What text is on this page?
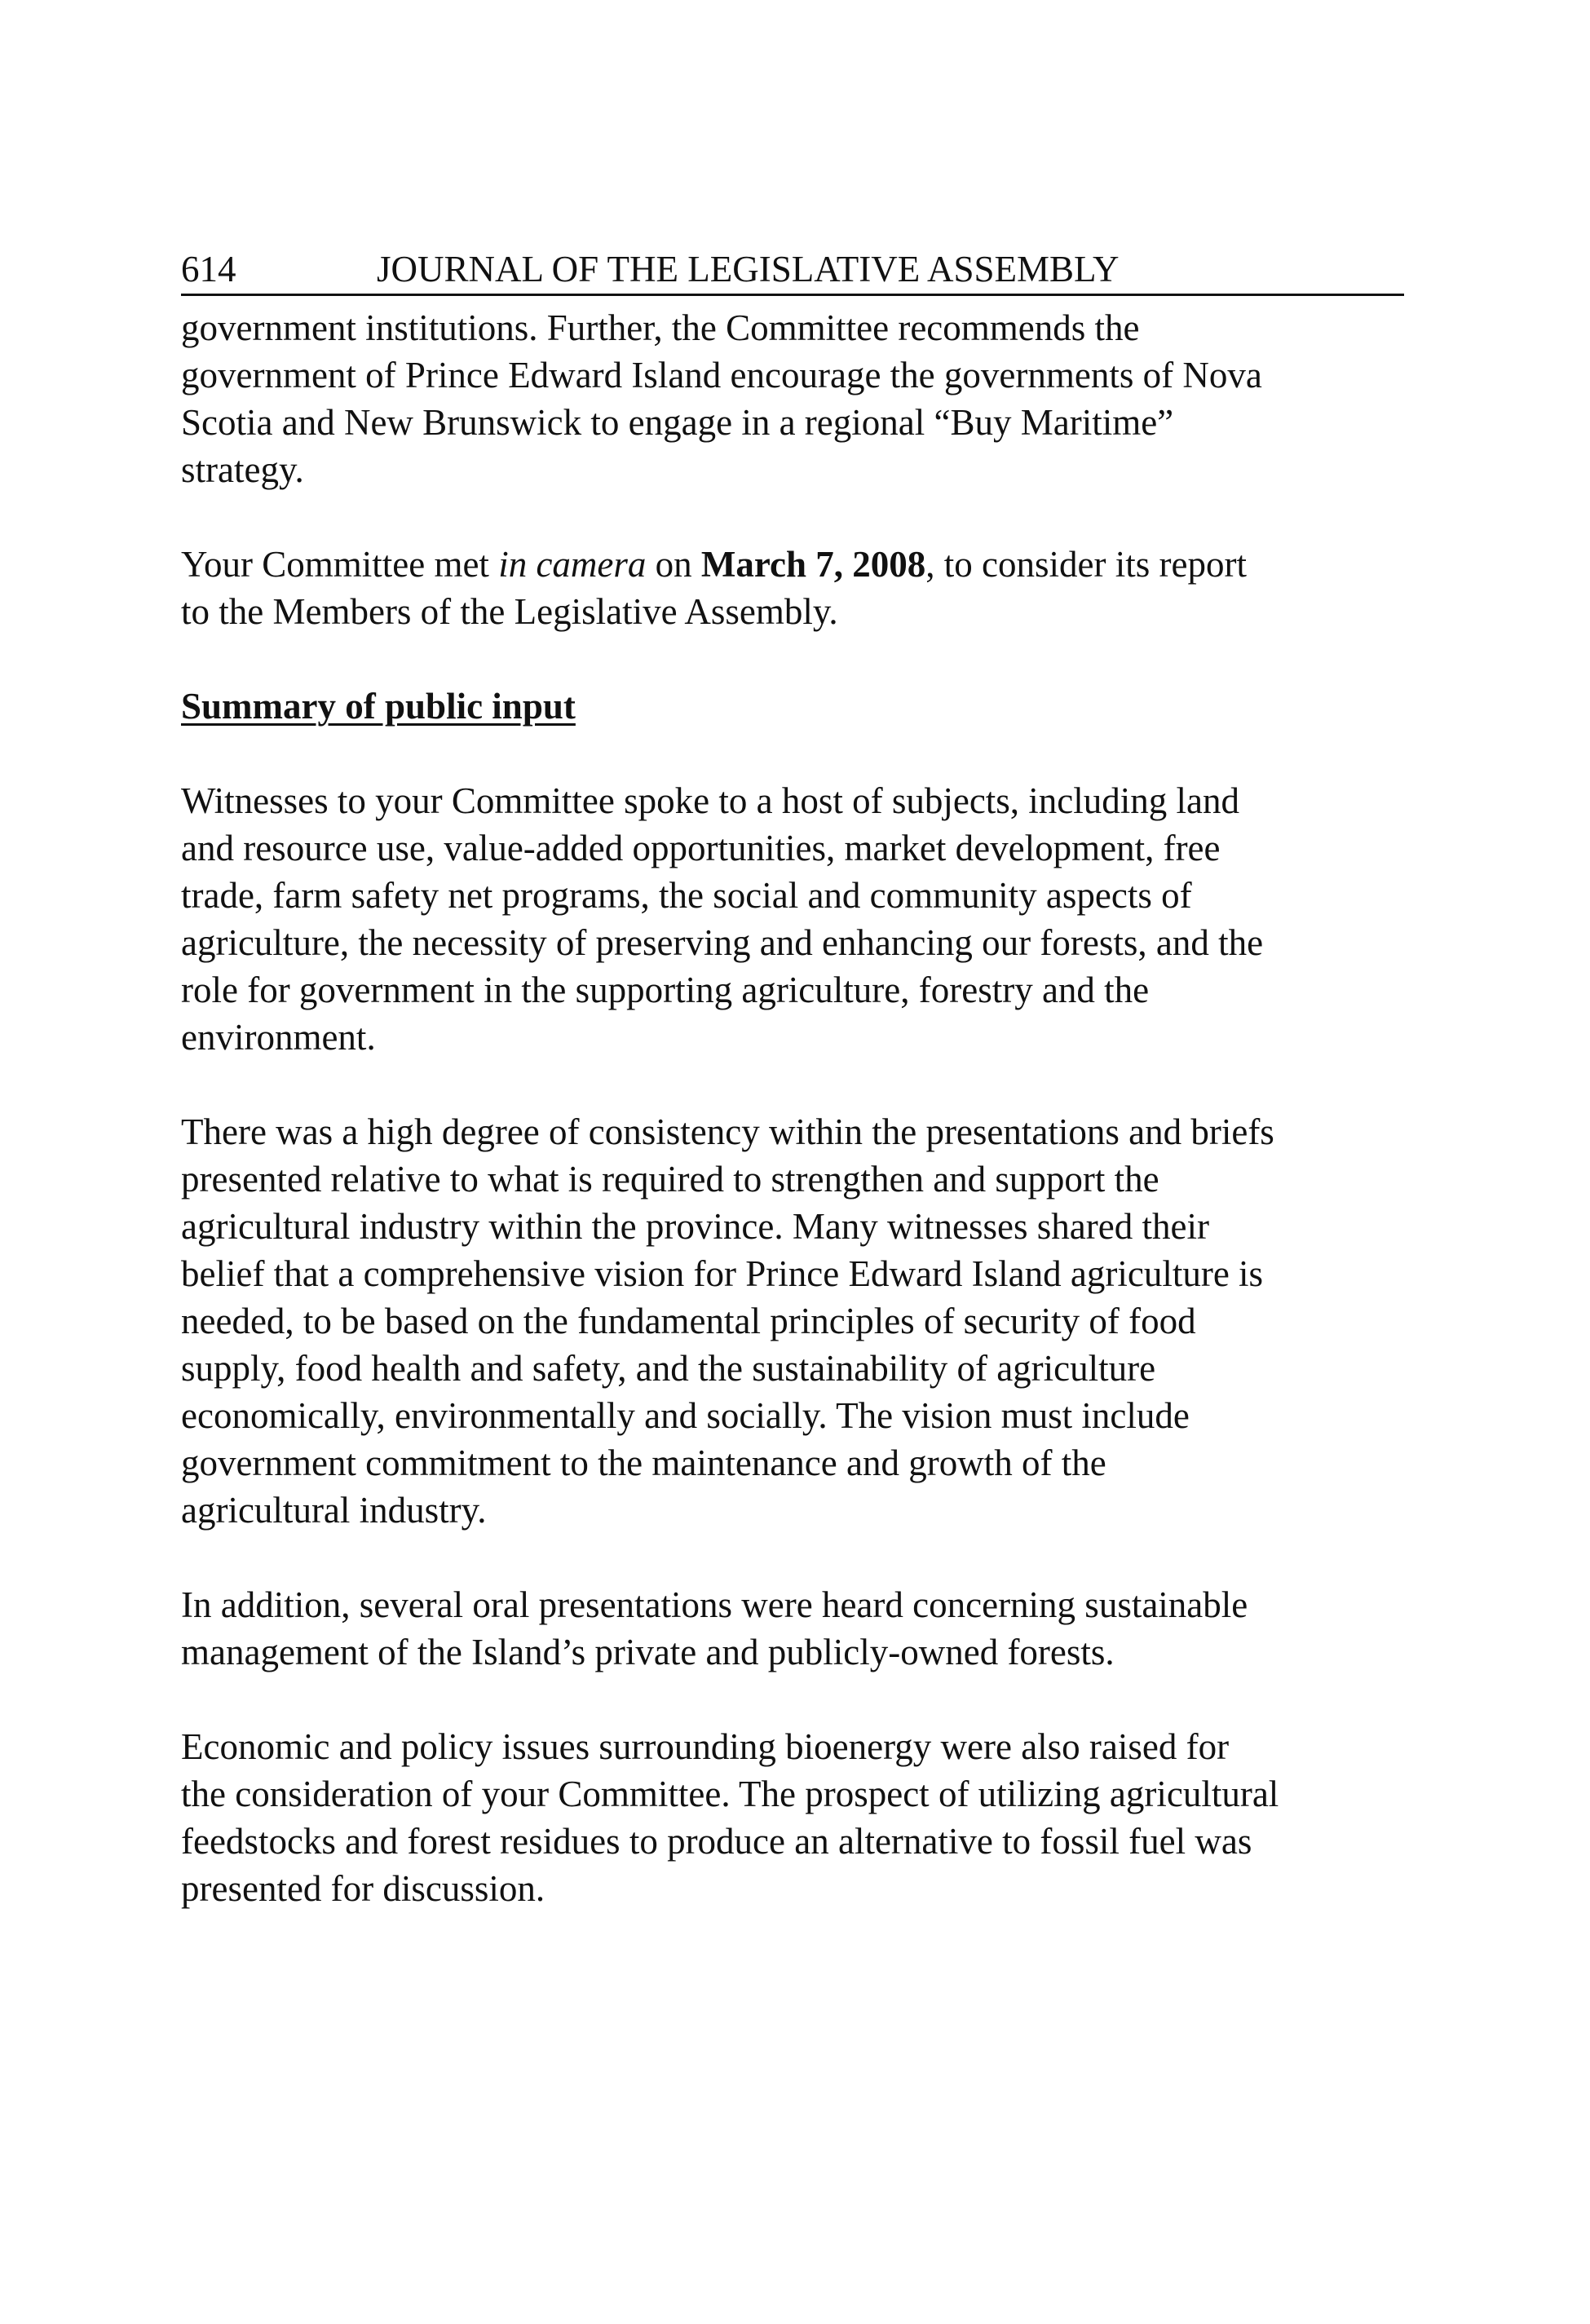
614	JOURNAL OF THE LEGISLATIVE ASSEMBLY

government institutions. Further, the Committee recommends the
government of Prince Edward Island encourage the governments of Nova
Scotia and New Brunswick to engage in a regional “Buy Maritime”
strategy.

Your Committee met in camera on March 7, 2008, to consider its report
to the Members of the Legislative Assembly.

Summary of public input

Witnesses to your Committee spoke to a host of subjects, including land
and resource use, value-added opportunities, market development, free
trade, farm safety net programs, the social and community aspects of
agriculture, the necessity of preserving and enhancing our forests, and the
role for government in the supporting agriculture, forestry and the
environment.

There was a high degree of consistency within the presentations and briefs
presented relative to what is required to strengthen and support the
agricultural industry within the province. Many witnesses shared their
belief that a comprehensive vision for Prince Edward Island agriculture is
needed, to be based on the fundamental principles of security of food
supply, food health and safety, and the sustainability of agriculture
economically, environmentally and socially. The vision must include
government commitment to the maintenance and growth of the
agricultural industry.

In addition, several oral presentations were heard concerning sustainable
management of the Island’s private and publicly-owned forests.

Economic and policy issues surrounding bioenergy were also raised for
the consideration of your Committee. The prospect of utilizing agricultural
feedstocks and forest residues to produce an alternative to fossil fuel was
presented for discussion.
